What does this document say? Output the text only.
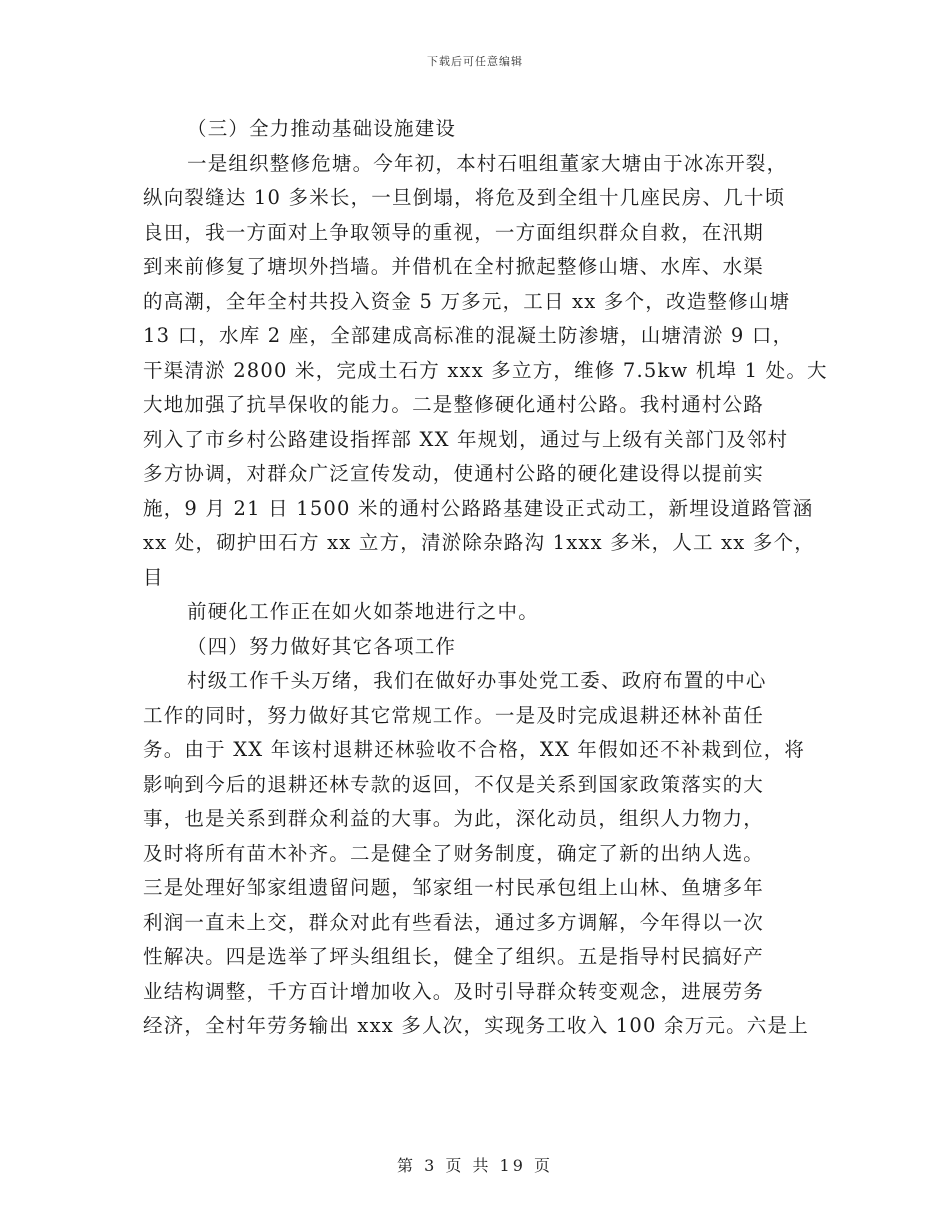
下载后可任意编辑
（三）全力推动基础设施建设
一是组织整修危塘。今年初，本村石咀组董家大塘由于冰冻开裂，
纵向裂缝达 10 多米长，一旦倒塌，将危及到全组十几座民房、几十顷
良田，我一方面对上争取领导的重视，一方面组织群众自救，在汛期
到来前修复了塘坝外挡墙。并借机在全村掀起整修山塘、水库、水渠
的高潮，全年全村共投入资金 5 万多元，工日 xx 多个，改造整修山塘
13 口，水库 2 座，全部建成高标准的混凝土防渗塘，山塘清淤 9 口，
干渠清淤 2800 米，完成土石方 xxx 多立方，维修 7.5kw 机埠 1 处。大
大地加强了抗旱保收的能力。二是整修硬化通村公路。我村通村公路
列入了市乡村公路建设指挥部 XX 年规划，通过与上级有关部门及邻村
多方协调，对群众广泛宣传发动，使通村公路的硬化建设得以提前实
施，9 月 21 日 1500 米的通村公路路基建设正式动工，新埋设道路管涵
xx 处，砌护田石方 xx 立方，清淤除杂路沟 1xxx 多米，人工 xx 多个，
目
前硬化工作正在如火如荼地进行之中。
（四）努力做好其它各项工作
村级工作千头万绪，我们在做好办事处党工委、政府布置的中心
工作的同时，努力做好其它常规工作。一是及时完成退耕还林补苗任
务。由于 XX 年该村退耕还林验收不合格，XX 年假如还不补栽到位，将
影响到今后的退耕还林专款的返回，不仅是关系到国家政策落实的大
事，也是关系到群众利益的大事。为此，深化动员，组织人力物力，
及时将所有苗木补齐。二是健全了财务制度，确定了新的出纳人选。
三是处理好邹家组遗留问题，邹家组一村民承包组上山林、鱼塘多年
利润一直未上交，群众对此有些看法，通过多方调解，今年得以一次
性解决。四是选举了坪头组组长，健全了组织。五是指导村民搞好产
业结构调整，千方百计增加收入。及时引导群众转变观念，进展劳务
经济，全村年劳务输出 xxx 多人次，实现务工收入 100 余万元。六是上
第 3 页 共 19 页
